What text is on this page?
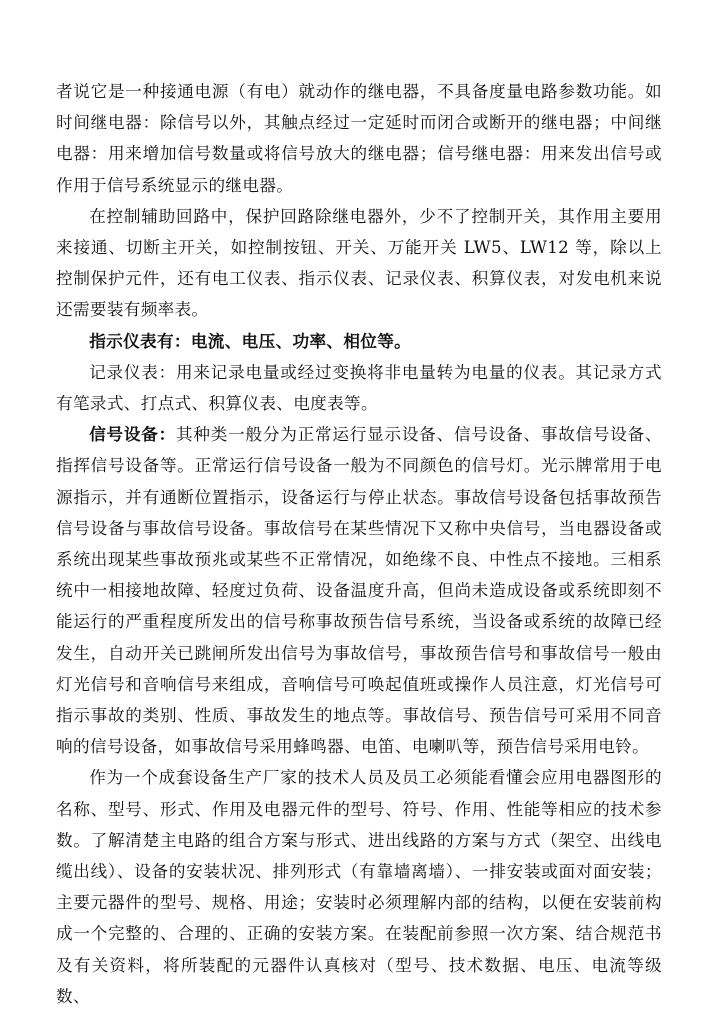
者说它是一种接通电源（有电）就动作的继电器，不具备度量电路参数功能。如时间继电器：除信号以外，其触点经过一定延时而闭合或断开的继电器；中间继电器：用来增加信号数量或将信号放大的继电器；信号继电器：用来发出信号或作用于信号系统显示的继电器。

在控制辅助回路中，保护回路除继电器外，少不了控制开关，其作用主要用来接通、切断主开关，如控制按钮、开关、万能开关 LW5、LW12 等，除以上控制保护元件，还有电工仪表、指示仪表、记录仪表、积算仪表，对发电机来说还需要装有频率表。

指示仪表有：电流、电压、功率、相位等。

记录仪表：用来记录电量或经过变换将非电量转为电量的仪表。其记录方式有笔录式、打点式、积算仪表、电度表等。

信号设备：其种类一般分为正常运行显示设备、信号设备、事故信号设备、指挥信号设备等。正常运行信号设备一般为不同颜色的信号灯。光示牌常用于电源指示，并有通断位置指示，设备运行与停止状态。事故信号设备包括事故预告信号设备与事故信号设备。事故信号在某些情况下又称中央信号，当电器设备或系统出现某些事故预兆或某些不正常情况，如绝缘不良、中性点不接地。三相系统中一相接地故障、轻度过负荷、设备温度升高，但尚未造成设备或系统即刻不能运行的严重程度所发出的信号称事故预告信号系统，当设备或系统的故障已经发生，自动开关已跳闸所发出信号为事故信号，事故预告信号和事故信号一般由灯光信号和音响信号来组成，音响信号可唤起值班或操作人员注意，灯光信号可指示事故的类别、性质、事故发生的地点等。事故信号、预告信号可采用不同音响的信号设备，如事故信号采用蜂鸣器、电笛、电喇叭等，预告信号采用电铃。

作为一个成套设备生产厂家的技术人员及员工必须能看懂会应用电器图形的名称、型号、形式、作用及电器元件的型号、符号、作用、性能等相应的技术参数。了解清楚主电路的组合方案与形式、进出线路的方案与方式（架空、出线电缆出线）、设备的安装状况、排列形式（有靠墙离墙）、一排安装或面对面安装；主要元器件的型号、规格、用途；安装时必须理解内部的结构，以便在安装前构成一个完整的、合理的、正确的安装方案。在装配前参照一次方案、结合规范书及有关资料，将所装配的元器件认真核对（型号、技术数据、电压、电流等级数、
